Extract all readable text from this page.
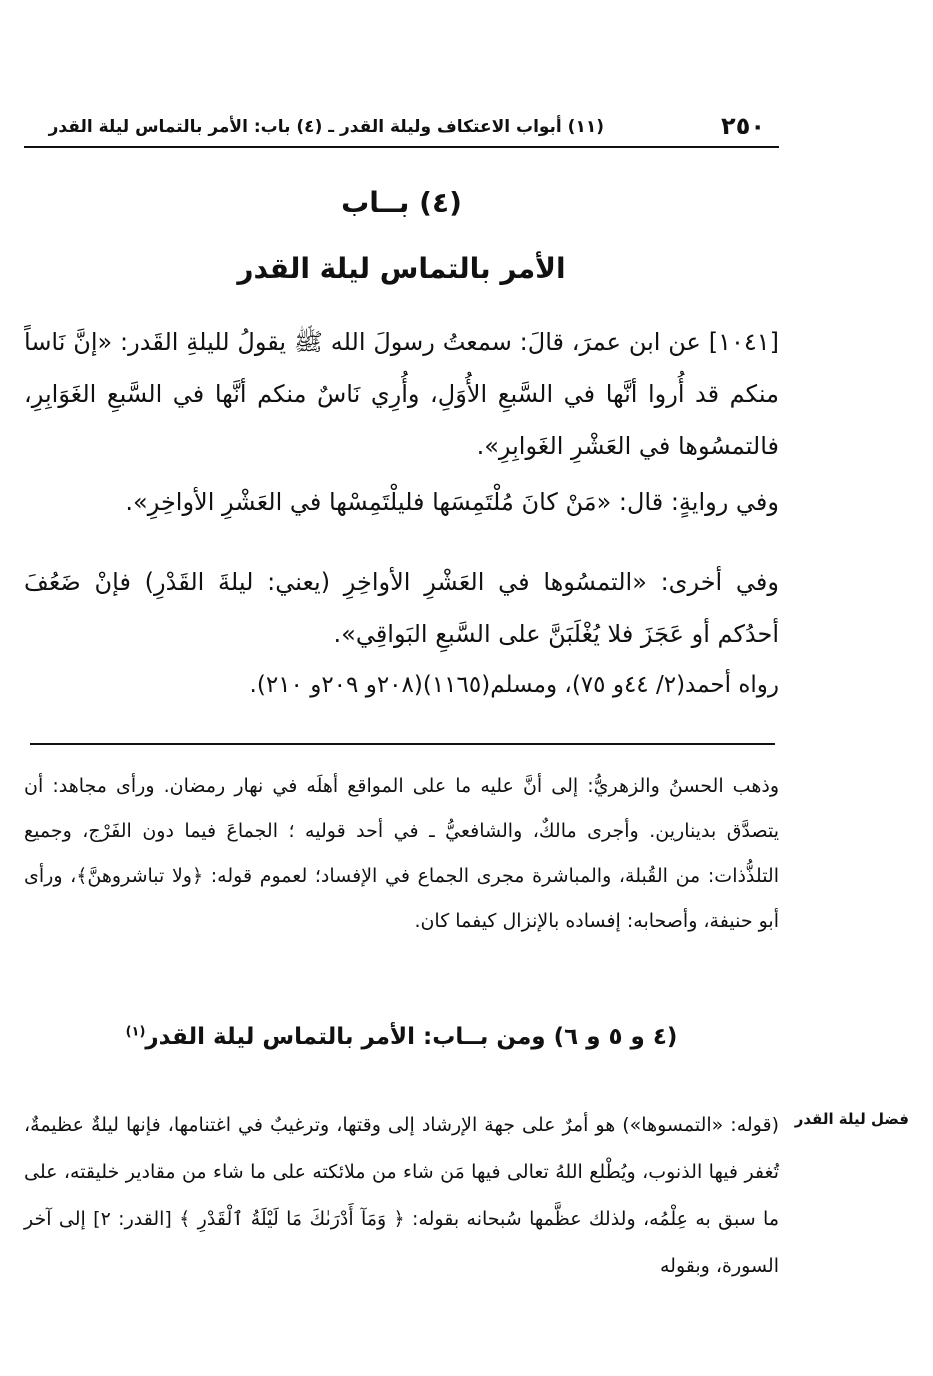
٢٥٠
(١١) أبواب الاعتكاف وليلة القدر ـ (٤) باب: الأمر بالتماس ليلة القدر
(٤) بــاب
الأمر بالتماس ليلة القدر
[١٠٤١] عن ابن عمرَ، قالَ: سمعتُ رسولَ الله ﷺ يقولُ لليلةِ القَدر: «إنَّ نَاساً منكم قد أُروا أنَّها في السَّبعِ الأُوَلِ، وأُرِي نَاسٌ منكم أنَّها في السَّبعِ الغَوَابِرِ، فالتمسُوها في العَشْرِ الغَوابِرِ».
وفي روايةٍ: قال: «مَنْ كانَ مُلْتَمِسَها فليلْتَمِسْها في العَشْرِ الأواخِرِ».
وفي أخرى: «التمسُوها في العَشْرِ الأواخِرِ (يعني: ليلةَ القَدْرِ) فإنْ ضَعُفَ أحدُكم أو عَجَزَ فلا يُغْلَبَنَّ على السَّبعِ البَواقِي».
رواه أحمد(٢/ ٤٤و ٧٥)، ومسلم(١١٦٥)(٢٠٨و ٢٠٩و ٢١٠).
وذهب الحسنُ والزهريُّ: إلى أنَّ عليه ما على المواقع أهلَه في نهار رمضان. ورأى مجاهد: أن يتصدَّق بدينارين. وأجرى مالكٌ، والشافعيُّ ـ في أحد قوليه ؛ الجماعَ فيما دون الفَرْج، وجميع التلذُّذات: من القُبلة، والمباشرة مجرى الجماع في الإفساد؛ لعموم قوله: ﴿ولا تباشروهنَّ﴾، ورأى أبو حنيفة، وأصحابه: إفساده بالإنزال كيفما كان.
(٤ و ٥ و ٦) ومن بــاب: الأمر بالتماس ليلة القدر$^{(١)}$
فضل ليلة القدر
(قوله: «التمسوها») هو أمرٌ على جهة الإرشاد إلى وقتها، وترغيبٌ في اغتنامها، فإنها ليلةٌ عظيمةٌ، تُغفر فيها الذنوب، ويُطْلع اللهُ تعالى فيها مَن شاء من ملائكته على ما شاء من مقادير خليقته، على ما سبق به عِلْمُه، ولذلك عظَّمها سُبحانه بقوله: ﴿ وَمَآ أَدْرَىٰكَ مَا لَيْلَةُ ٱلْقَدْرِ ﴾ [القدر: ٢] إلى آخر السورة، وبقوله
